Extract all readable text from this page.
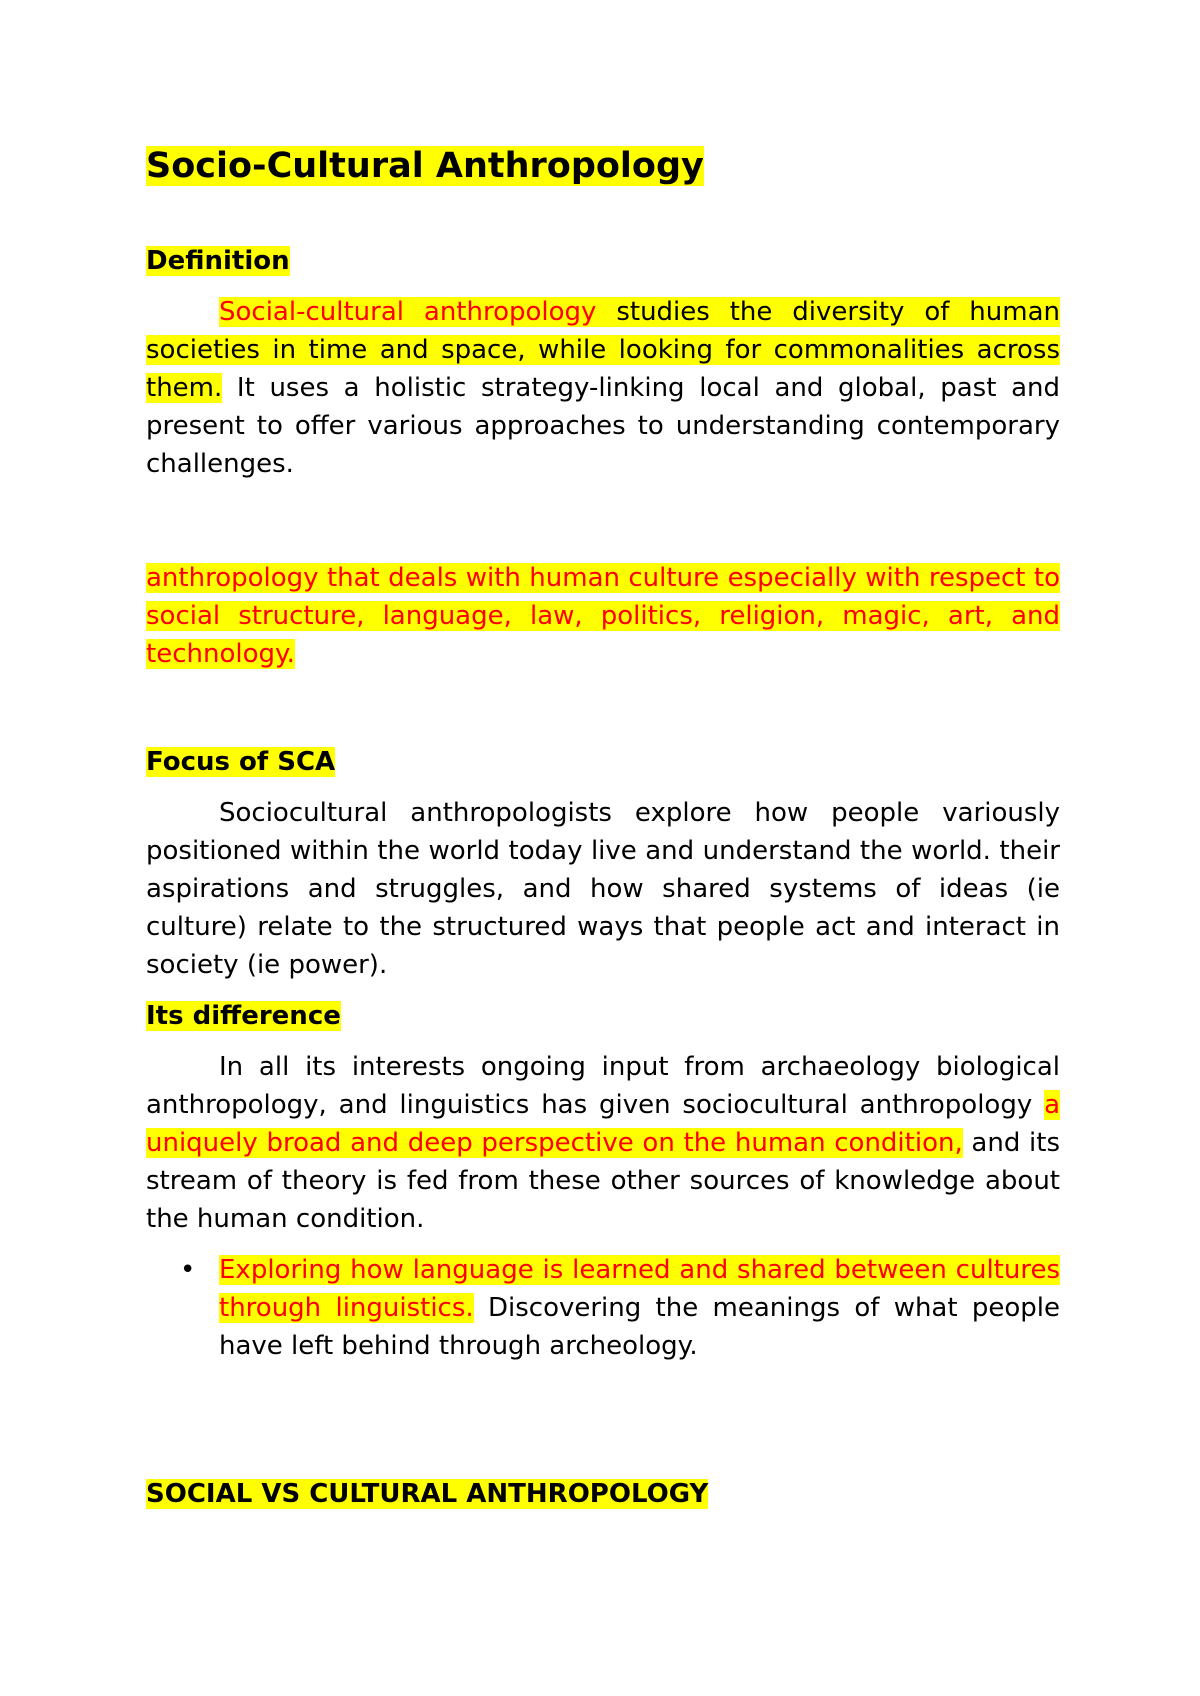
Socio-Cultural Anthropology
Definition

Social-cultural anthropology studies the diversity of human societies in time and space, while looking for commonalities across them. It uses a holistic strategy-linking local and global, past and present to offer various approaches to understanding contemporary challenges.

anthropology that deals with human culture especially with respect to social structure, language, law, politics, religion, magic, art, and technology.

Focus of SCA

Sociocultural anthropologists explore how people variously positioned within the world today live and understand the world. their aspirations and struggles, and how shared systems of ideas (ie culture) relate to the structured ways that people act and interact in society (ie power).

Its difference

In all its interests ongoing input from archaeology biological anthropology, and linguistics has given sociocultural anthropology a uniquely broad and deep perspective on the human condition, and its stream of theory is fed from these other sources of knowledge about the human condition.

• Exploring how language is learned and shared between cultures through linguistics. Discovering the meanings of what people have left behind through archeology.

SOCIAL VS CULTURAL ANTHROPOLOGY
